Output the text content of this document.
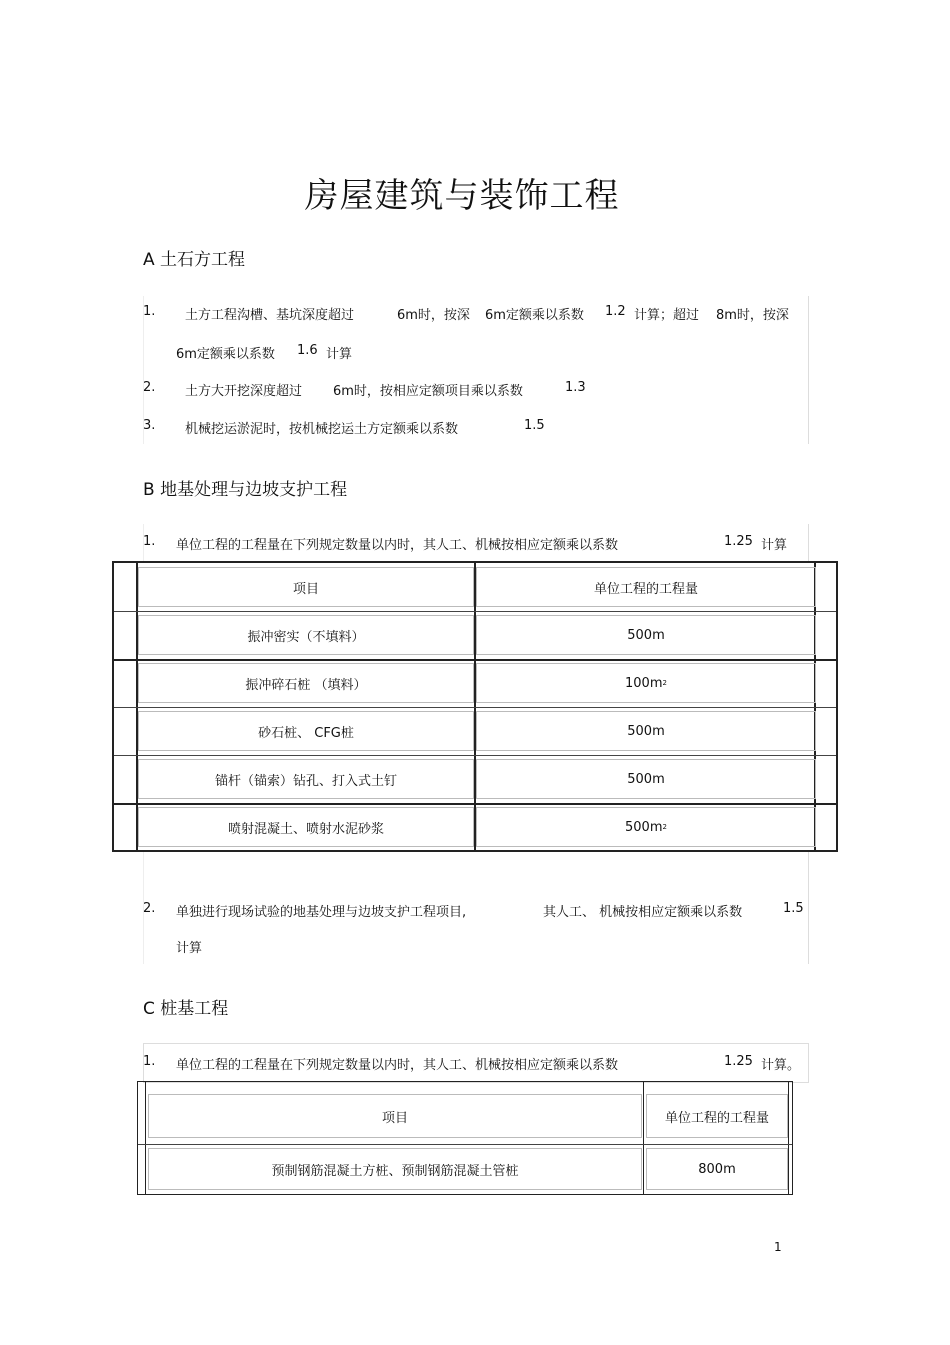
房屋建筑与装饰工程
A 土石方工程
1. 土方工程沟槽、基坑深度超过	6m时，按深 6m定额乘以系数 1.2 计算；超过 8m时，按深
6m定额乘以系数 1.6 计算
2. 土方大开挖深度超过 6m时，按相应定额项目乘以系数	1.3
3. 机械挖运淤泥时，按机械挖运土方定额乘以系数	1.5
B 地基处理与边坡支护工程
1. 单位工程的工程量在下列规定数量以内时，其人工、机械按相应定额乘以系数	1.25 计算
项目	单位工程的工程量
振冲密实（不填料）	500m
振冲碎石桩 （填料）	100m 2
砂石桩、 CFG桩	500m
锚杆（锚索）钻孔、打入式土钉	500m
喷射混凝土、喷射水泥砂浆	500m 2
2. 单独进行现场试验的地基处理与边坡支护工程项目,	其人工、 机械按相应定额乘以系数	1.5
计算
C 桩基工程
1. 单位工程的工程量在下列规定数量以内时，其人工、机械按相应定额乘以系数	1.25 计算。
项目	单位工程的工程量
预制钢筋混凝土方桩、预制钢筋混凝土管桩	800m
1
